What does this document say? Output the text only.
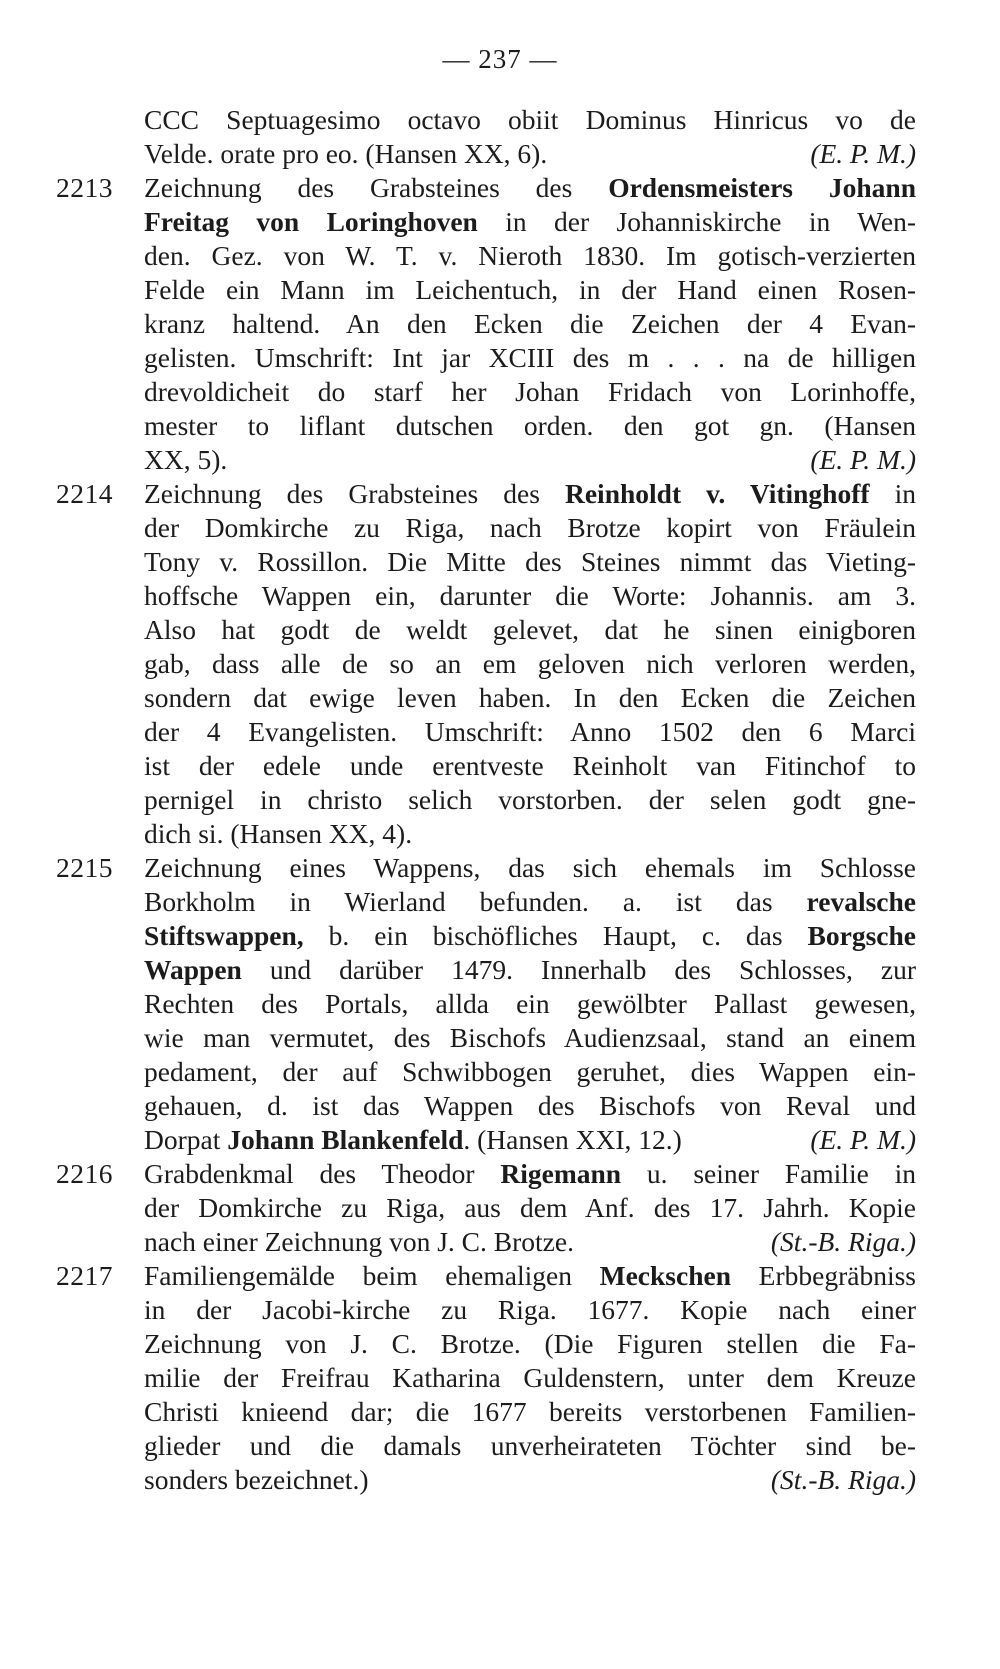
— 237 —
CCC Septuagesimo octavo obiit Dominus Hinricus vo de
Velde. orate pro eo. (Hansen XX, 6).	(E. P. M.)
2213	Zeichnung des Grabsteines des Ordensmeisters Johann
Freitag von Loringhoven in der Johanniskirche in Wen-
den. Gez. von W. T. v. Nieroth 1830. Im gotisch-verzierten
Felde ein Mann im Leichentuch, in der Hand einen Rosen-
kranz haltend. An den Ecken die Zeichen der 4 Evan-
gelisten. Umschrift: Int jar XCIII des m . . . na de hilligen
drevoldicheit do starf her Johan Fridach von Lorinhoffe,
mester to liflant dutschen orden. den got gn. (Hansen
XX, 5).	(E. P. M.)
2214	Zeichnung des Grabsteines des Reinholdt v. Vitinghoff in
der Domkirche zu Riga, nach Brotze kopirt von Fräulein
Tony v. Rossillon. Die Mitte des Steines nimmt das Vieting-
hoffsche Wappen ein, darunter die Worte: Johannis. am 3.
Also hat godt de weldt gelevet, dat he sinen einigboren
gab, dass alle de so an em geloven nich verloren werden,
sondern dat ewige leven haben. In den Ecken die Zeichen
der 4 Evangelisten. Umschrift: Anno 1502 den 6 Marci
ist der edele unde erentveste Reinholt van Fitinchof to
pernigel in christo selich vorstorben. der selen godt gne-
dich si. (Hansen XX, 4).
2215	Zeichnung eines Wappens, das sich ehemals im Schlosse
Borkholm in Wierland befunden. a. ist das revalsche
Stiftswappen, b. ein bischöfliches Haupt, c. das Borgsche
Wappen und darüber 1479. Innerhalb des Schlosses, zur
Rechten des Portals, allda ein gewölbter Pallast gewesen,
wie man vermutet, des Bischofs Audienzsaal, stand an einem
pedament, der auf Schwibbogen geruhet, dies Wappen ein-
gehauen, d. ist das Wappen des Bischofs von Reval und
Dorpat Johann Blankenfeld. (Hansen XXI, 12.)	(E. P. M.)
2216	Grabdenkmal des Theodor Rigemann u. seiner Familie in
der Domkirche zu Riga, aus dem Anf. des 17. Jahrh. Kopie
nach einer Zeichnung von J. C. Brotze.	(St.-B. Riga.)
2217	Familiengemälde beim ehemaligen Meckschen Erbbegräbniss
in der Jacobi-kirche zu Riga. 1677. Kopie nach einer
Zeichnung von J. C. Brotze. (Die Figuren stellen die Fa-
milie der Freifrau Katharina Guldenstern, unter dem Kreuze
Christi knieend dar; die 1677 bereits verstorbenen Familien-
glieder und die damals unverheirateten Töchter sind be-
sonders bezeichnet.)	(St.-B. Riga.)
